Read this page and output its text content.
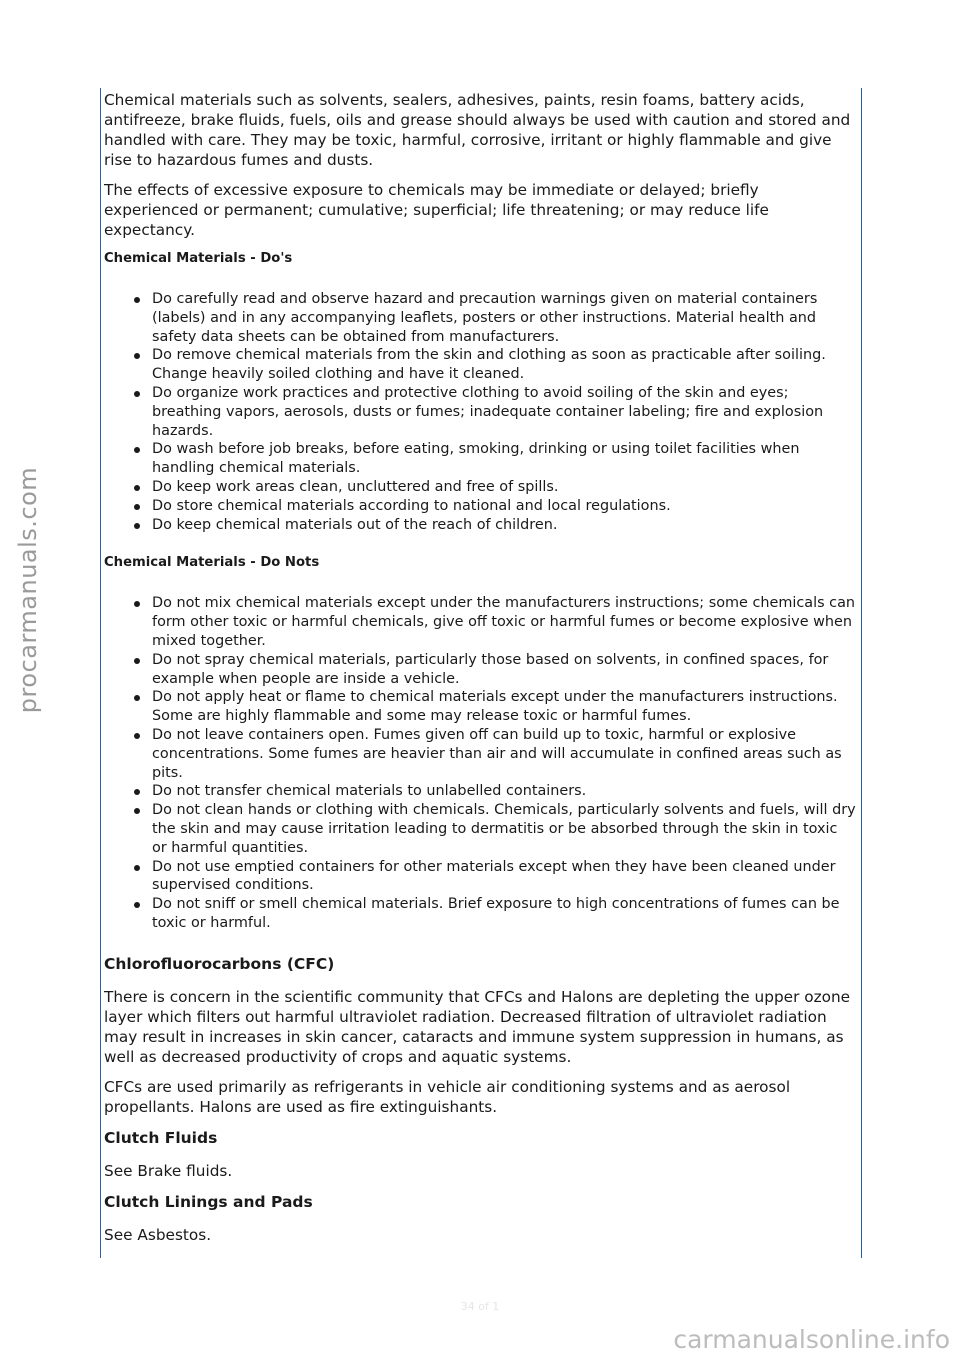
Chemical materials such as solvents, sealers, adhesives, paints, resin foams, battery acids, antifreeze, brake fluids, fuels, oils and grease should always be used with caution and stored and handled with care. They may be toxic, harmful, corrosive, irritant or highly flammable and give rise to hazardous fumes and dusts.

The effects of excessive exposure to chemicals may be immediate or delayed; briefly experienced or permanent; cumulative; superficial; life threatening; or may reduce life expectancy.

Chemical Materials - Do's
Do carefully read and observe hazard and precaution warnings given on material containers (labels) and in any accompanying leaflets, posters or other instructions. Material health and safety data sheets can be obtained from manufacturers.
Do remove chemical materials from the skin and clothing as soon as practicable after soiling. Change heavily soiled clothing and have it cleaned.
Do organize work practices and protective clothing to avoid soiling of the skin and eyes; breathing vapors, aerosols, dusts or fumes; inadequate container labeling; fire and explosion hazards.
Do wash before job breaks, before eating, smoking, drinking or using toilet facilities when handling chemical materials.
Do keep work areas clean, uncluttered and free of spills.
Do store chemical materials according to national and local regulations.
Do keep chemical materials out of the reach of children.
Chemical Materials - Do Nots
Do not mix chemical materials except under the manufacturers instructions; some chemicals can form other toxic or harmful chemicals, give off toxic or harmful fumes or become explosive when mixed together.
Do not spray chemical materials, particularly those based on solvents, in confined spaces, for example when people are inside a vehicle.
Do not apply heat or flame to chemical materials except under the manufacturers instructions. Some are highly flammable and some may release toxic or harmful fumes.
Do not leave containers open. Fumes given off can build up to toxic, harmful or explosive concentrations. Some fumes are heavier than air and will accumulate in confined areas such as pits.
Do not transfer chemical materials to unlabelled containers.
Do not clean hands or clothing with chemicals. Chemicals, particularly solvents and fuels, will dry the skin and may cause irritation leading to dermatitis or be absorbed through the skin in toxic or harmful quantities.
Do not use emptied containers for other materials except when they have been cleaned under supervised conditions.
Do not sniff or smell chemical materials. Brief exposure to high concentrations of fumes can be toxic or harmful.
Chlorofluorocarbons (CFC)

There is concern in the scientific community that CFCs and Halons are depleting the upper ozone layer which filters out harmful ultraviolet radiation. Decreased filtration of ultraviolet radiation may result in increases in skin cancer, cataracts and immune system suppression in humans, as well as decreased productivity of crops and aquatic systems.

CFCs are used primarily as refrigerants in vehicle air conditioning systems and as aerosol propellants. Halons are used as fire extinguishants.

Clutch Fluids

See Brake fluids.

Clutch Linings and Pads

See Asbestos.

procarmanuals.com
34 of 1
carmanualsonline.info
